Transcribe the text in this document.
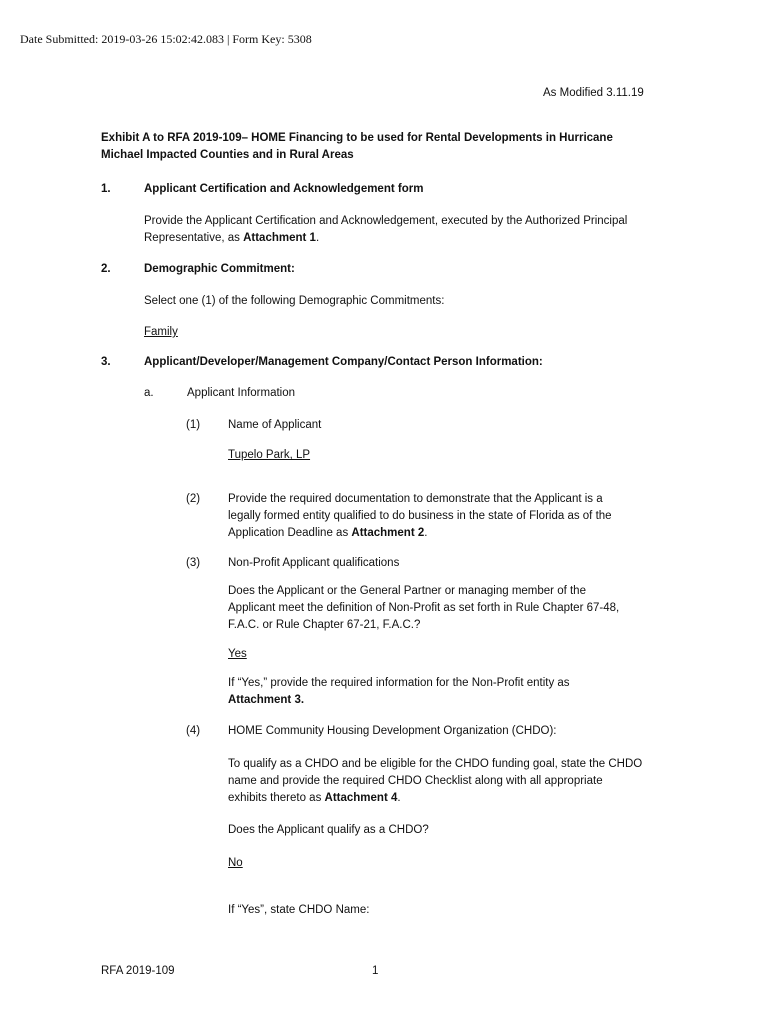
Date Submitted: 2019-03-26 15:02:42.083 | Form Key: 5308
As Modified 3.11.19
Exhibit A to RFA 2019-109– HOME Financing to be used for Rental Developments in Hurricane
Michael Impacted Counties and in Rural Areas
1.	Applicant Certification and Acknowledgement form
Provide the Applicant Certification and Acknowledgement, executed by the Authorized Principal
Representative, as Attachment 1.
2.	Demographic Commitment:
Select one (1) of the following Demographic Commitments:
Family
3.	Applicant/Developer/Management Company/Contact Person Information:
a.	Applicant Information
(1) Name of Applicant
Tupelo Park, LP
(2) Provide the required documentation to demonstrate that the Applicant is a
legally formed entity qualified to do business in the state of Florida as of the
Application Deadline as Attachment 2.
(3) Non-Profit Applicant qualifications
Does the Applicant or the General Partner or managing member of the
Applicant meet the definition of Non-Profit as set forth in Rule Chapter 67-48,
F.A.C. or Rule Chapter 67-21, F.A.C.?
Yes
If “Yes,” provide the required information for the Non-Profit entity as
Attachment 3.
(4) HOME Community Housing Development Organization (CHDO):
To qualify as a CHDO and be eligible for the CHDO funding goal, state the CHDO
name and provide the required CHDO Checklist along with all appropriate
exhibits thereto as Attachment 4.
Does the Applicant qualify as a CHDO?
No
If “Yes”, state CHDO Name:
RFA 2019-109	1
